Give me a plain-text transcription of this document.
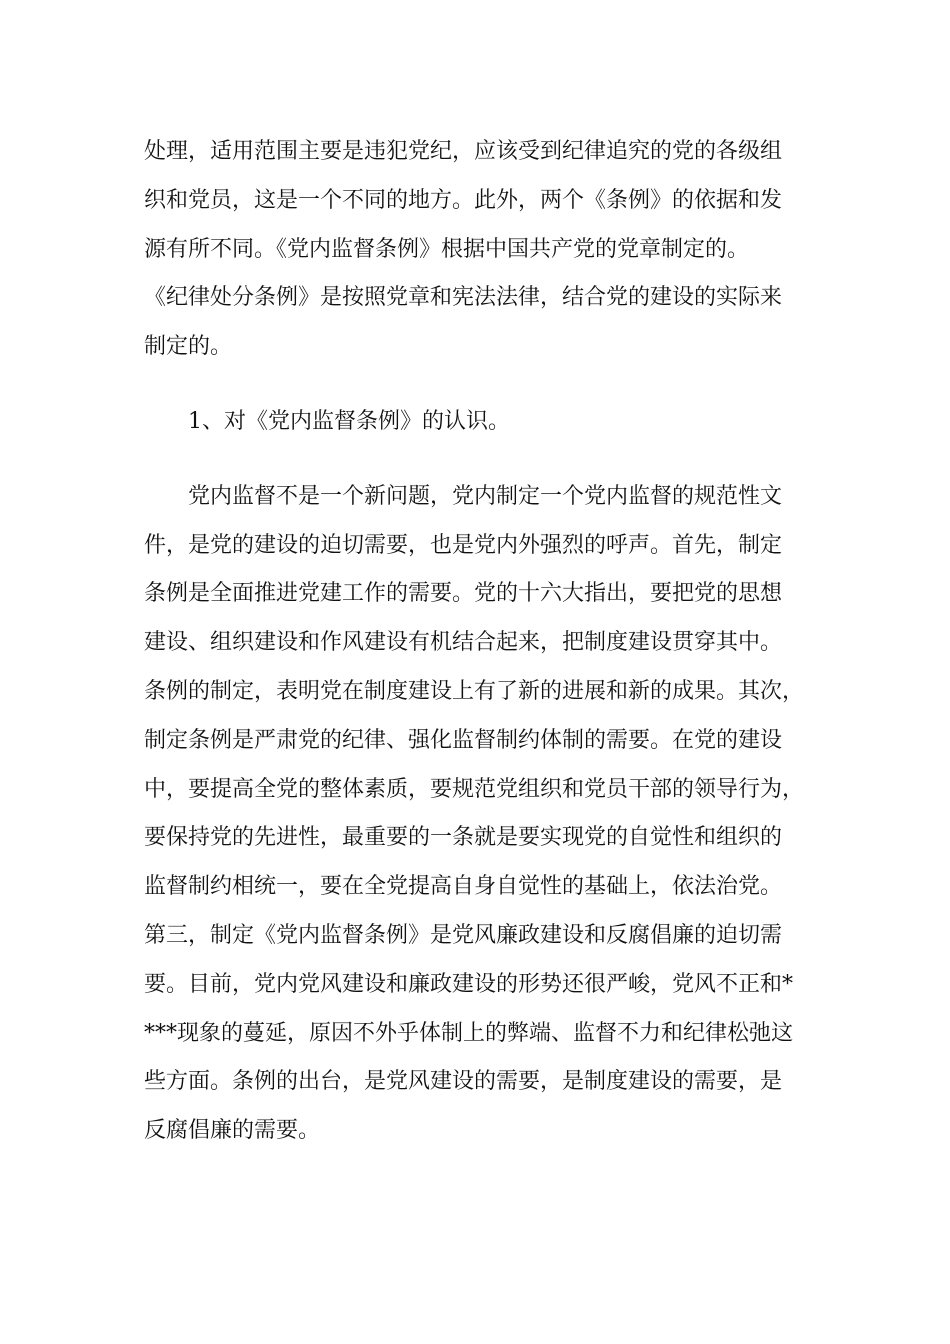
处理，适用范围主要是违犯党纪，应该受到纪律追究的党的各级组
织和党员，这是一个不同的地方。此外，两个《条例》的依据和发
源有所不同。《党内监督条例》根据中国共产党的党章制定的。
《纪律处分条例》是按照党章和宪法法律，结合党的建设的实际来
制定的。

1、对《党内监督条例》的认识。

党内监督不是一个新问题，党内制定一个党内监督的规范性文
件，是党的建设的迫切需要，也是党内外强烈的呼声。首先，制定
条例是全面推进党建工作的需要。党的十六大指出，要把党的思想
建设、组织建设和作风建设有机结合起来，把制度建设贯穿其中。
条例的制定，表明党在制度建设上有了新的进展和新的成果。其次，
制定条例是严肃党的纪律、强化监督制约体制的需要。在党的建设
中，要提高全党的整体素质，要规范党组织和党员干部的领导行为，
要保持党的先进性，最重要的一条就是要实现党的自觉性和组织的
监督制约相统一，要在全党提高自身自觉性的基础上，依法治党。
第三，制定《党内监督条例》是党风廉政建设和反腐倡廉的迫切需
要。目前，党内党风建设和廉政建设的形势还很严峻，党风不正和*
***现象的蔓延，原因不外乎体制上的弊端、监督不力和纪律松弛这
些方面。条例的出台，是党风建设的需要，是制度建设的需要，是
反腐倡廉的需要。
